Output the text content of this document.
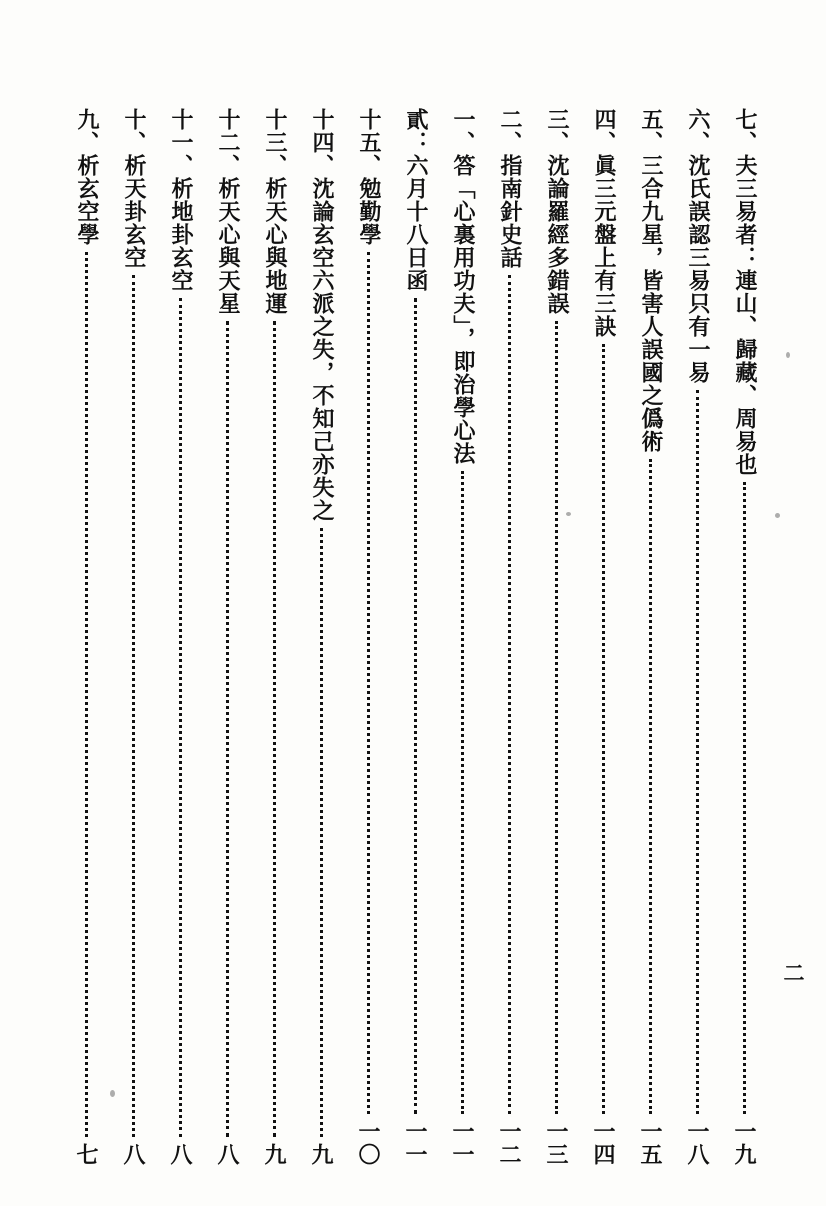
九、析玄空學
七
十、析天卦玄空
八
十一、析地卦玄空
八
十二、析天心與天星
八
十三、析天心與地運
九
十四、沈論玄空六派之失，不知己亦失之
九
十五、勉勤學
一〇
貳：六月十八日函
一一
一、答「心裏用功夫」，即治學心法
一一
二、指南針史話
一二
三、沈論羅經多錯誤
一三
四、眞三元盤上有三訣
一四
五、三合九星，皆害人誤國之僞術
一五
六、沈氏誤認三易只有一易
一八
七、夫三易者：連山、歸藏、周易也
一九
二
